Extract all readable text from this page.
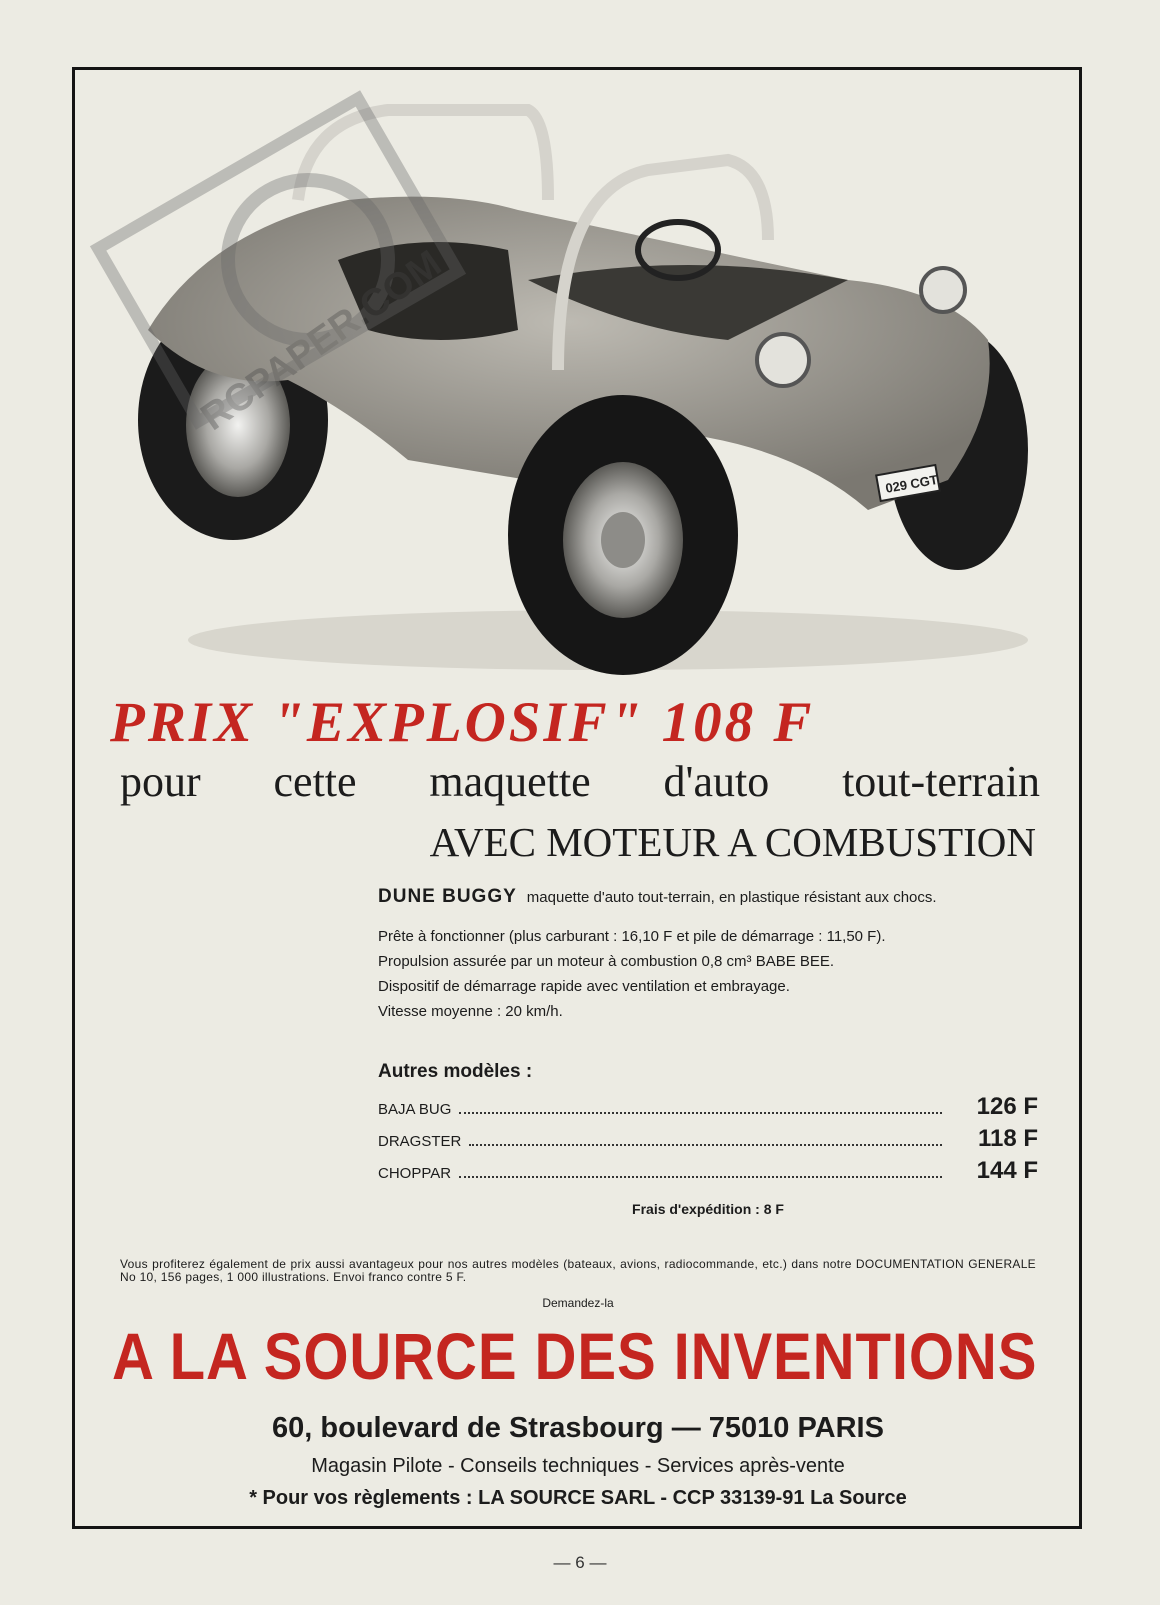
029 CGT
RCPAPER.COM
PRIX "EXPLOSIF" 108 F
pour cette maquette d'auto tout-terrain
AVEC MOTEUR A COMBUSTION
DUNE BUGGY maquette d'auto tout-terrain, en plastique résistant aux chocs.
Prête à fonctionner (plus carburant : 16,10 F et pile de démarrage : 11,50 F).
Propulsion assurée par un moteur à combustion 0,8 cm³ BABE BEE.
Dispositif de démarrage rapide avec ventilation et embrayage.
Vitesse moyenne : 20 km/h.
Autres modèles :
BAJA BUG	126 F
DRAGSTER	118 F
CHOPPAR	144 F
Frais d'expédition : 8 F
Vous profiterez également de prix aussi avantageux pour nos autres modèles (bateaux, avions, radiocommande, etc.) dans notre DOCUMENTATION GENERALE No 10, 156 pages, 1 000 illustrations. Envoi franco contre 5 F.
Demandez-la
A LA SOURCE DES INVENTIONS
60, boulevard de Strasbourg — 75010 PARIS
Magasin Pilote - Conseils techniques - Services après-vente
* Pour vos règlements : LA SOURCE SARL - CCP 33139-91 La Source
— 6 —
